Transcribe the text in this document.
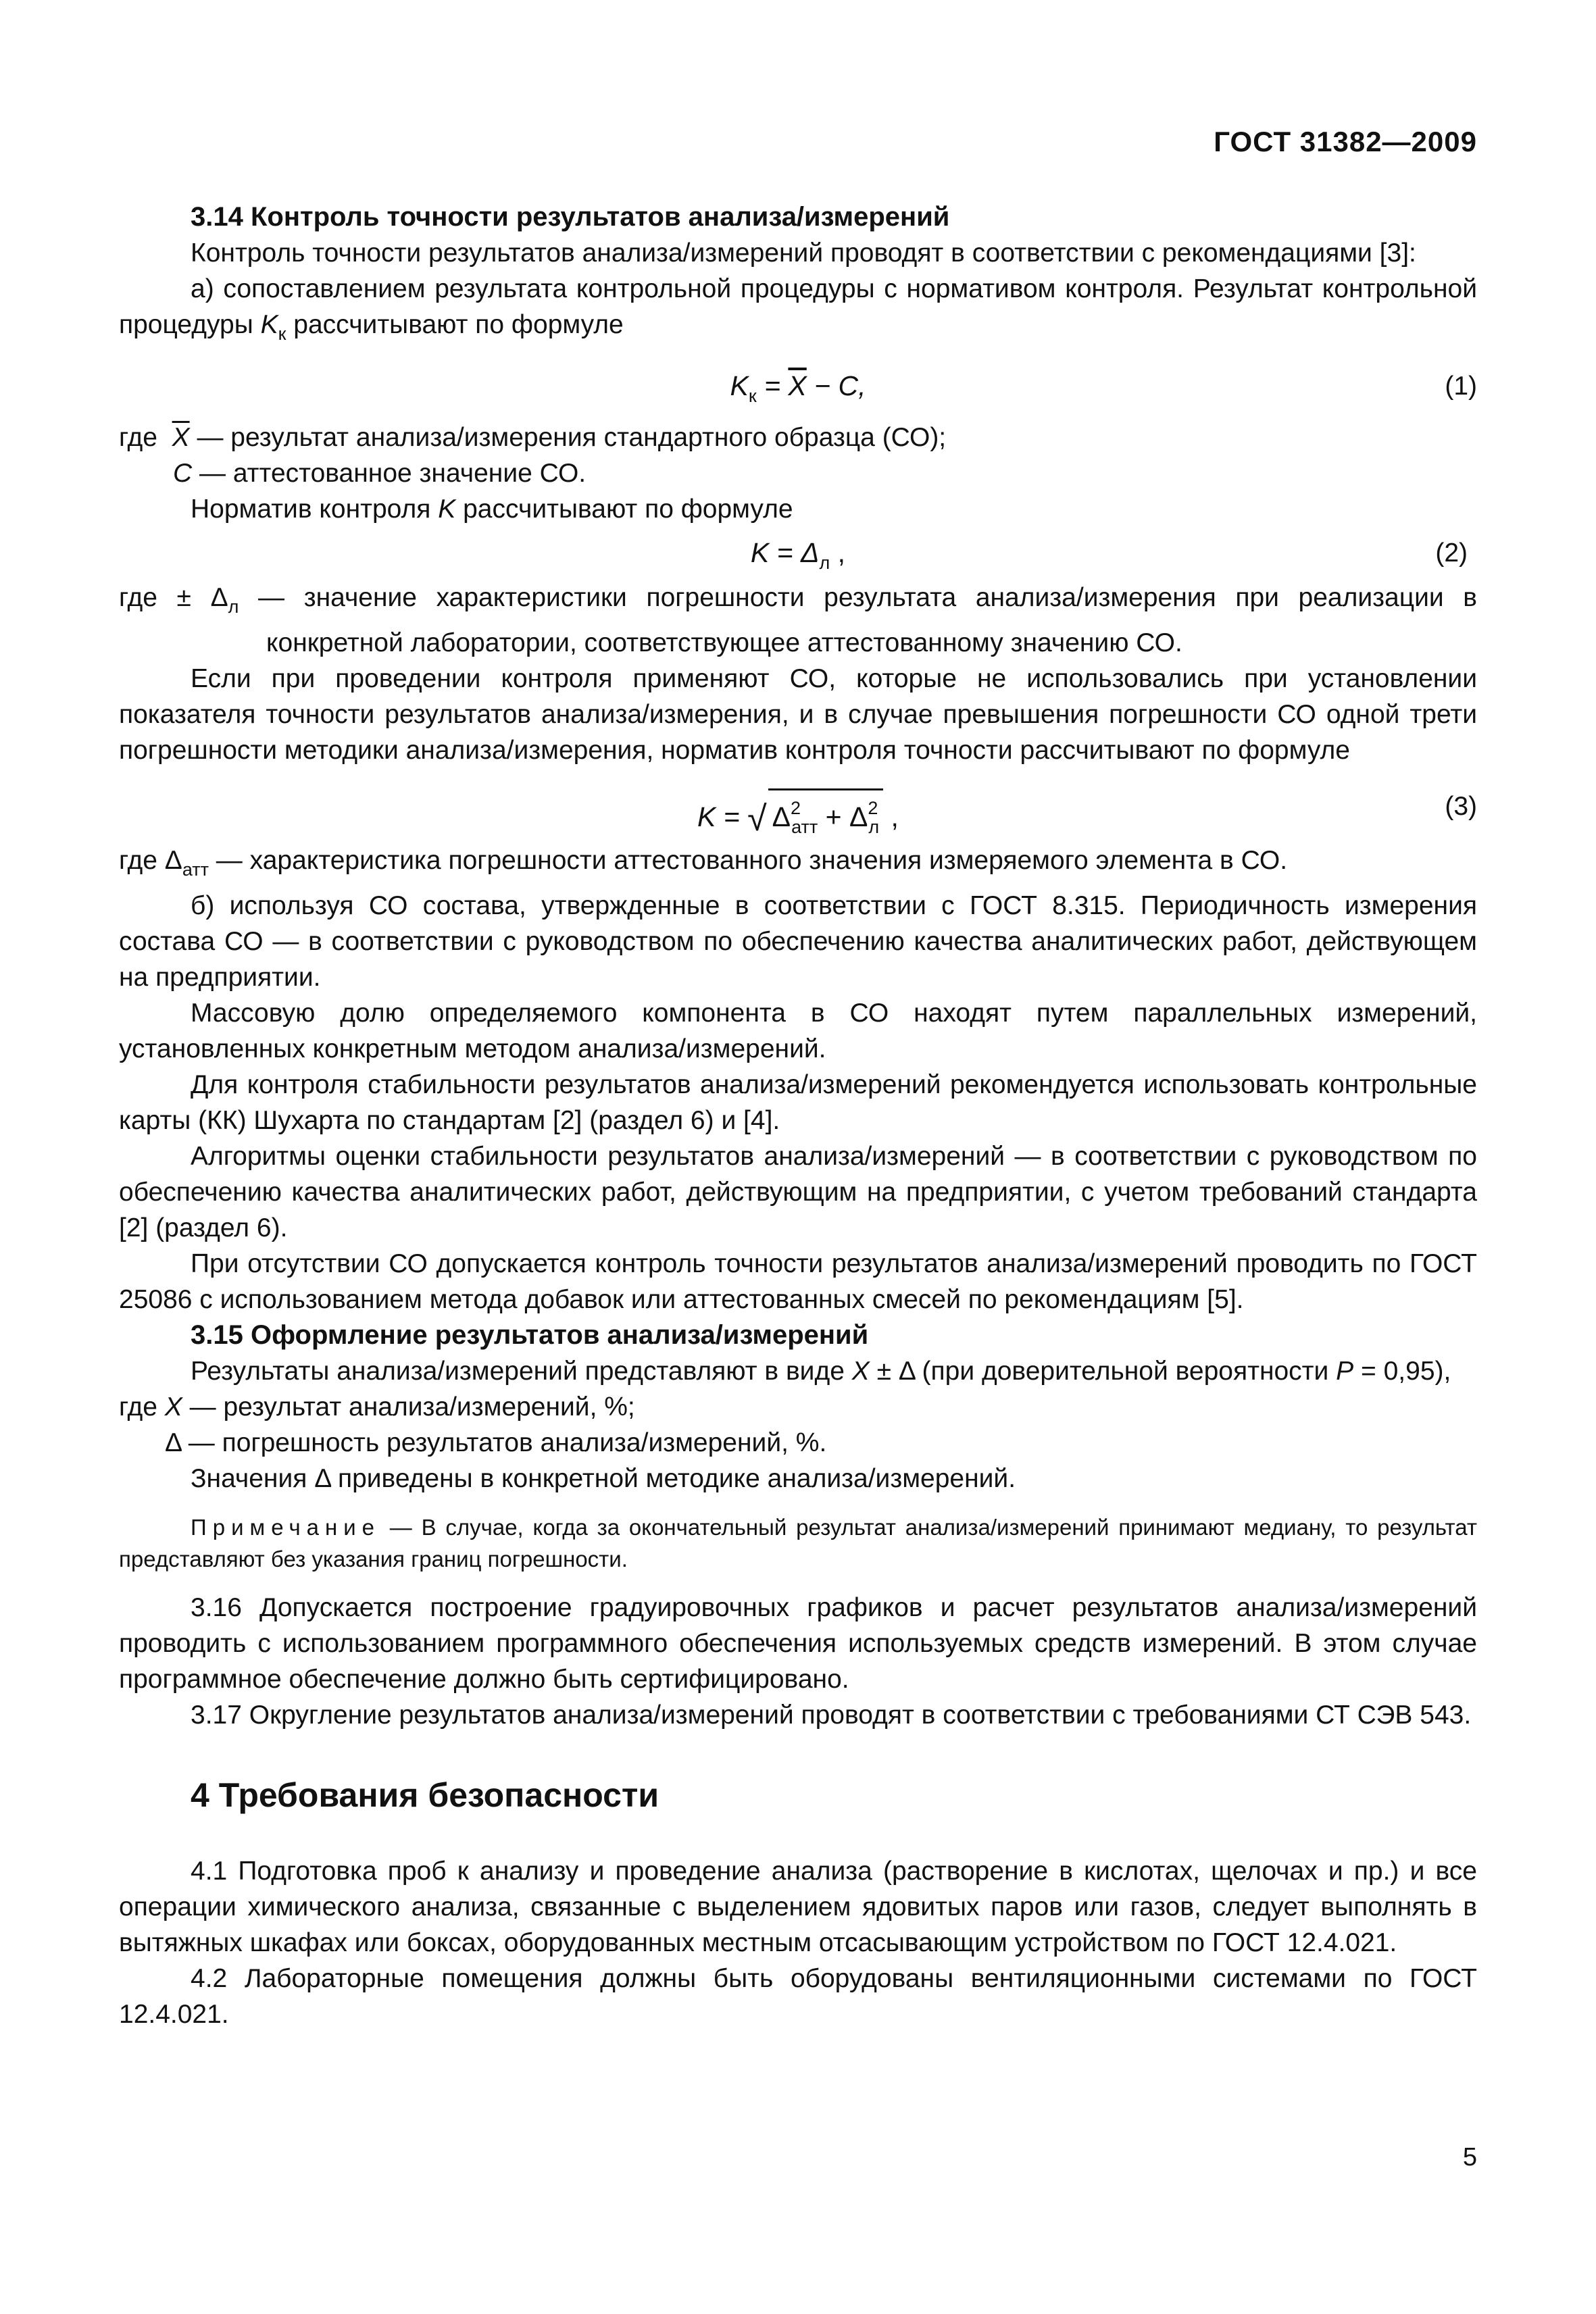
ГОСТ 31382—2009

3.14 Контроль точности результатов анализа/измерений

Контроль точности результатов анализа/измерений проводят в соответствии с рекомендациями [3]:

а) сопоставлением результата контрольной процедуры с нормативом контроля. Результат контрольной процедуры $K_к$ рассчитывают по формуле

$K_к = \overline{X} - C$,	(1)

где  $\overline{X}$ — результат анализа/измерения стандартного образца (СО);

C — аттестованное значение СО.

Норматив контроля K рассчитывают по формуле

$K = \Delta_л$ ,	(2)

где ± $\Delta_л$ — значение характеристики погрешности результата анализа/измерения при реализации в конкретной лаборатории, соответствующее аттестованному значению СО.

Если при проведении контроля применяют СО, которые не использовались при установлении показателя точности результатов анализа/измерения, и в случае превышения погрешности СО одной трети погрешности методики анализа/измерения, норматив контроля точности рассчитывают по формуле

K = √ $\Delta^2_{атт} + \Delta^2_л$ ,	(3)

где $\Delta_{атт}$ — характеристика погрешности аттестованного значения измеряемого элемента в СО.

б) используя СО состава, утвержденные в соответствии с ГОСТ 8.315. Периодичность измерения состава СО — в соответствии с руководством по обеспечению качества аналитических работ, действующем на предприятии.

Массовую долю определяемого компонента в СО находят путем параллельных измерений, установленных конкретным методом анализа/измерений.

Для контроля стабильности результатов анализа/измерений рекомендуется использовать контрольные карты (КК) Шухарта по стандартам [2] (раздел 6) и [4].

Алгоритмы оценки стабильности результатов анализа/измерений — в соответствии с руководством по обеспечению качества аналитических работ, действующим на предприятии, с учетом требований стандарта [2] (раздел 6).

При отсутствии СО допускается контроль точности результатов анализа/измерений проводить по ГОСТ 25086 с использованием метода добавок или аттестованных смесей по рекомендациям [5].

3.15 Оформление результатов анализа/измерений

Результаты анализа/измерений представляют в виде X ± Δ (при доверительной вероятности P = 0,95),

где X — результат анализа/измерений, %;

Δ — погрешность результатов анализа/измерений, %.

Значения Δ приведены в конкретной методике анализа/измерений.

Примечание — В случае, когда за окончательный результат анализа/измерений принимают медиану, то результат представляют без указания границ погрешности.

3.16 Допускается построение градуировочных графиков и расчет результатов анализа/измерений проводить с использованием программного обеспечения используемых средств измерений. В этом случае программное обеспечение должно быть сертифицировано.

3.17 Округление результатов анализа/измерений проводят в соответствии с требованиями СТ СЭВ 543.

4 Требования безопасности

4.1 Подготовка проб к анализу и проведение анализа (растворение в кислотах, щелочах и пр.) и все операции химического анализа, связанные с выделением ядовитых паров или газов, следует выполнять в вытяжных шкафах или боксах, оборудованных местным отсасывающим устройством по ГОСТ 12.4.021.

4.2 Лабораторные помещения должны быть оборудованы вентиляционными системами по ГОСТ 12.4.021.

5
